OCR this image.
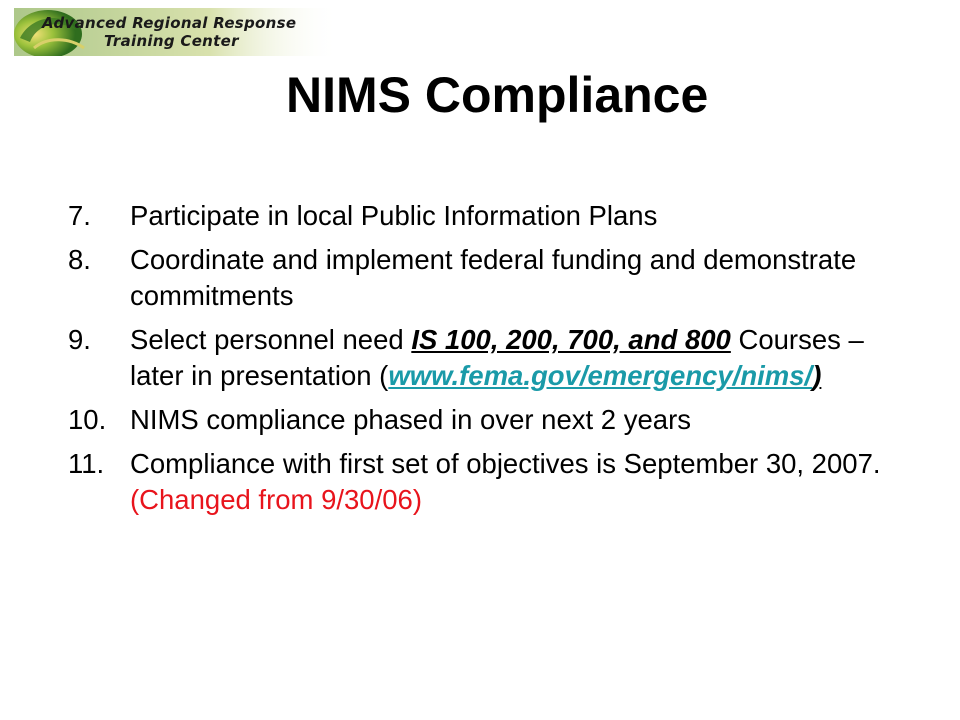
Advanced Regional Response
Training Center
NIMS Compliance
7. Participate in local Public Information Plans
8. Coordinate and implement federal funding and demonstrate commitments
9. Select personnel need IS 100, 200, 700, and 800 Courses – later in presentation (www.fema.gov/emergency/nims/)
10. NIMS compliance phased in over next 2 years
11. Compliance with first set of objectives is September 30, 2007. (Changed from 9/30/06)
